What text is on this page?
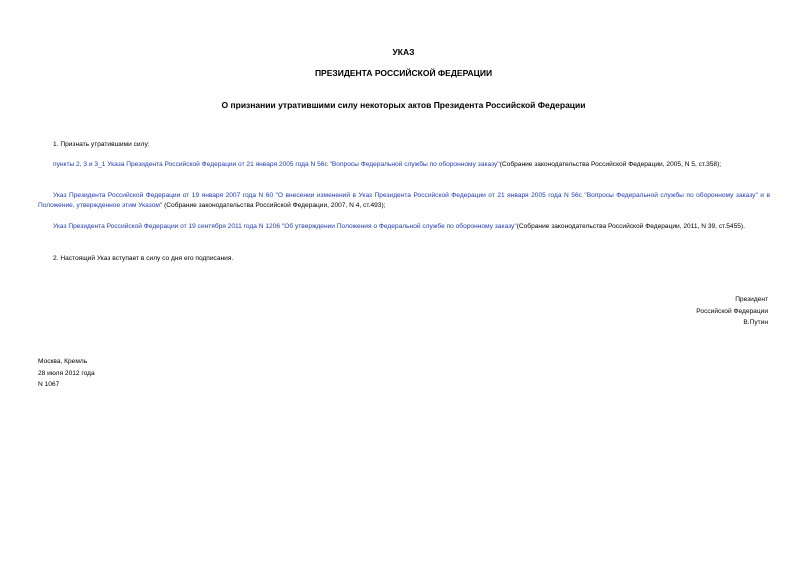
УКАЗ
ПРЕЗИДЕНТА РОССИЙСКОЙ ФЕДЕРАЦИИ
О признании утратившими силу некоторых актов Президента Российской Федерации

1. Признать утратившими силу:

пункты 2, 3 и 3_1 Указа Президента Российской Федерации от 21 января 2005 года N 56с "Вопросы Федеральной службы по оборонному заказу"(Собрание законодательства Российской Федерации, 2005, N 5, ст.358);

Указ Президента Российской Федерации от 19 января 2007 года N 60 "О внесении изменений в Указ Президента Российской Федерации от 21 января 2005 года N 56с "Вопросы Федеральной службы по оборонному заказу" и в Положение, утвержденное этим Указом" (Собрание законодательства Российской Федерации, 2007, N 4, ст.493);

Указ Президента Российской Федерации от 19 сентября 2011 года N 1206 "Об утверждении Положения о Федеральной службе по оборонному заказу"(Собрание законодательства Российской Федерации, 2011, N 39, ст.5455).

2. Настоящий Указ вступает в силу со дня его подписания.

Президент
Российской Федерации
В.Путин
Москва, Кремль
28 июля 2012 года
N 1067
